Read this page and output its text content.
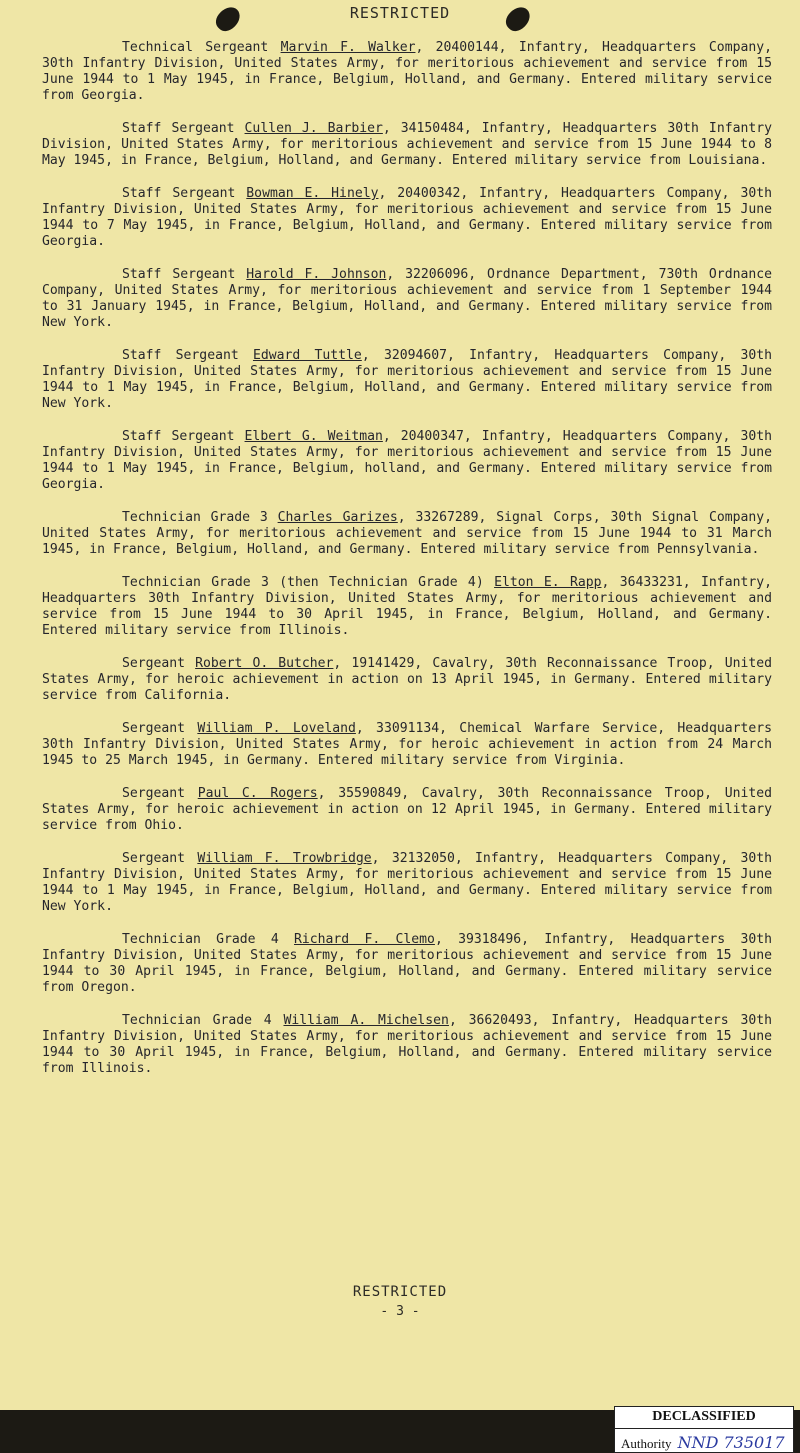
RESTRICTED

Technical Sergeant Marvin F. Walker, 20400144, Infantry, Headquarters Company, 30th Infantry Division, United States Army, for meritorious achievement and service from 15 June 1944 to 1 May 1945, in France, Belgium, Holland, and Germany. Entered military service from Georgia.

Staff Sergeant Cullen J. Barbier, 34150484, Infantry, Headquarters 30th Infantry Division, United States Army, for meritorious achievement and service from 15 June 1944 to 8 May 1945, in France, Belgium, Holland, and Germany. Entered military service from Louisiana.

Staff Sergeant Bowman E. Hinely, 20400342, Infantry, Headquarters Company, 30th Infantry Division, United States Army, for meritorious achievement and service from 15 June 1944 to 7 May 1945, in France, Belgium, Holland, and Germany. Entered military service from Georgia.

Staff Sergeant Harold F. Johnson, 32206096, Ordnance Department, 730th Ordnance Company, United States Army, for meritorious achievement and service from 1 September 1944 to 31 January 1945, in France, Belgium, Holland, and Germany. Entered military service from New York.

Staff Sergeant Edward Tuttle, 32094607, Infantry, Headquarters Company, 30th Infantry Division, United States Army, for meritorious achievement and service from 15 June 1944 to 1 May 1945, in France, Belgium, Holland, and Germany. Entered military service from New York.

Staff Sergeant Elbert G. Weitman, 20400347, Infantry, Headquarters Company, 30th Infantry Division, United States Army, for meritorious achievement and service from 15 June 1944 to 1 May 1945, in France, Belgium, holland, and Germany. Entered military service from Georgia.

Technician Grade 3 Charles Garizes, 33267289, Signal Corps, 30th Signal Company, United States Army, for meritorious achievement and service from 15 June 1944 to 31 March 1945, in France, Belgium, Holland, and Germany. Entered military service from Pennsylvania.

Technician Grade 3 (then Technician Grade 4) Elton E. Rapp, 36433231, Infantry, Headquarters 30th Infantry Division, United States Army, for meritorious achievement and service from 15 June 1944 to 30 April 1945, in France, Belgium, Holland, and Germany. Entered military service from Illinois.

Sergeant Robert O. Butcher, 19141429, Cavalry, 30th Reconnaissance Troop, United States Army, for heroic achievement in action on 13 April 1945, in Germany. Entered military service from California.

Sergeant William P. Loveland, 33091134, Chemical Warfare Service, Headquarters 30th Infantry Division, United States Army, for heroic achievement in action from 24 March 1945 to 25 March 1945, in Germany. Entered military service from Virginia.

Sergeant Paul C. Rogers, 35590849, Cavalry, 30th Reconnaissance Troop, United States Army, for heroic achievement in action on 12 April 1945, in Germany. Entered military service from Ohio.

Sergeant William F. Trowbridge, 32132050, Infantry, Headquarters Company, 30th Infantry Division, United States Army, for meritorious achievement and service from 15 June 1944 to 1 May 1945, in France, Belgium, Holland, and Germany. Entered military service from New York.

Technician Grade 4 Richard F. Clemo, 39318496, Infantry, Headquarters 30th Infantry Division, United States Army, for meritorious achievement and service from 15 June 1944 to 30 April 1945, in France, Belgium, Holland, and Germany. Entered military service from Oregon.

Technician Grade 4 William A. Michelsen, 36620493, Infantry, Headquarters 30th Infantry Division, United States Army, for meritorious achievement and service from 15 June 1944 to 30 April 1945, in France, Belgium, Holland, and Germany. Entered military service from Illinois.

RESTRICTED
- 3 -
DECLASSIFIED
Authority NND 735017
